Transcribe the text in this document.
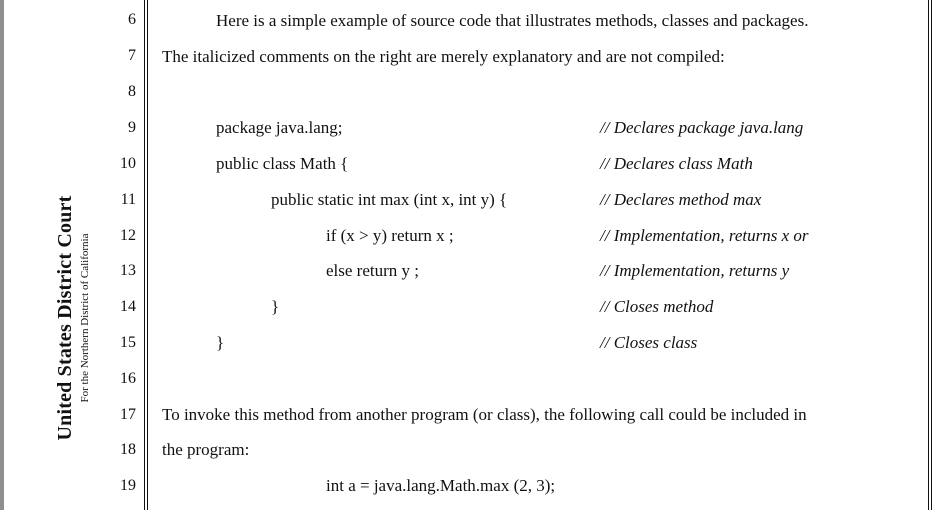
United States District Court For the Northern District of California
6
7
8
9
10
11
12
13
14
15
16
17
18
19
Here is a simple example of source code that illustrates methods, classes and packages.
The italicized comments on the right are merely explanatory and are not compiled:
package java.lang;
public class Math {
public static int max (int x, int y) {
if (x > y) return x ;
else return y ;
}
}
// Declares package java.lang
// Declares class Math
// Declares method max
// Implementation, returns x or
// Implementation, returns y
// Closes method
// Closes class
To invoke this method from another program (or class), the following call could be included in
the program:
int a = java.lang.Math.max (2, 3);
